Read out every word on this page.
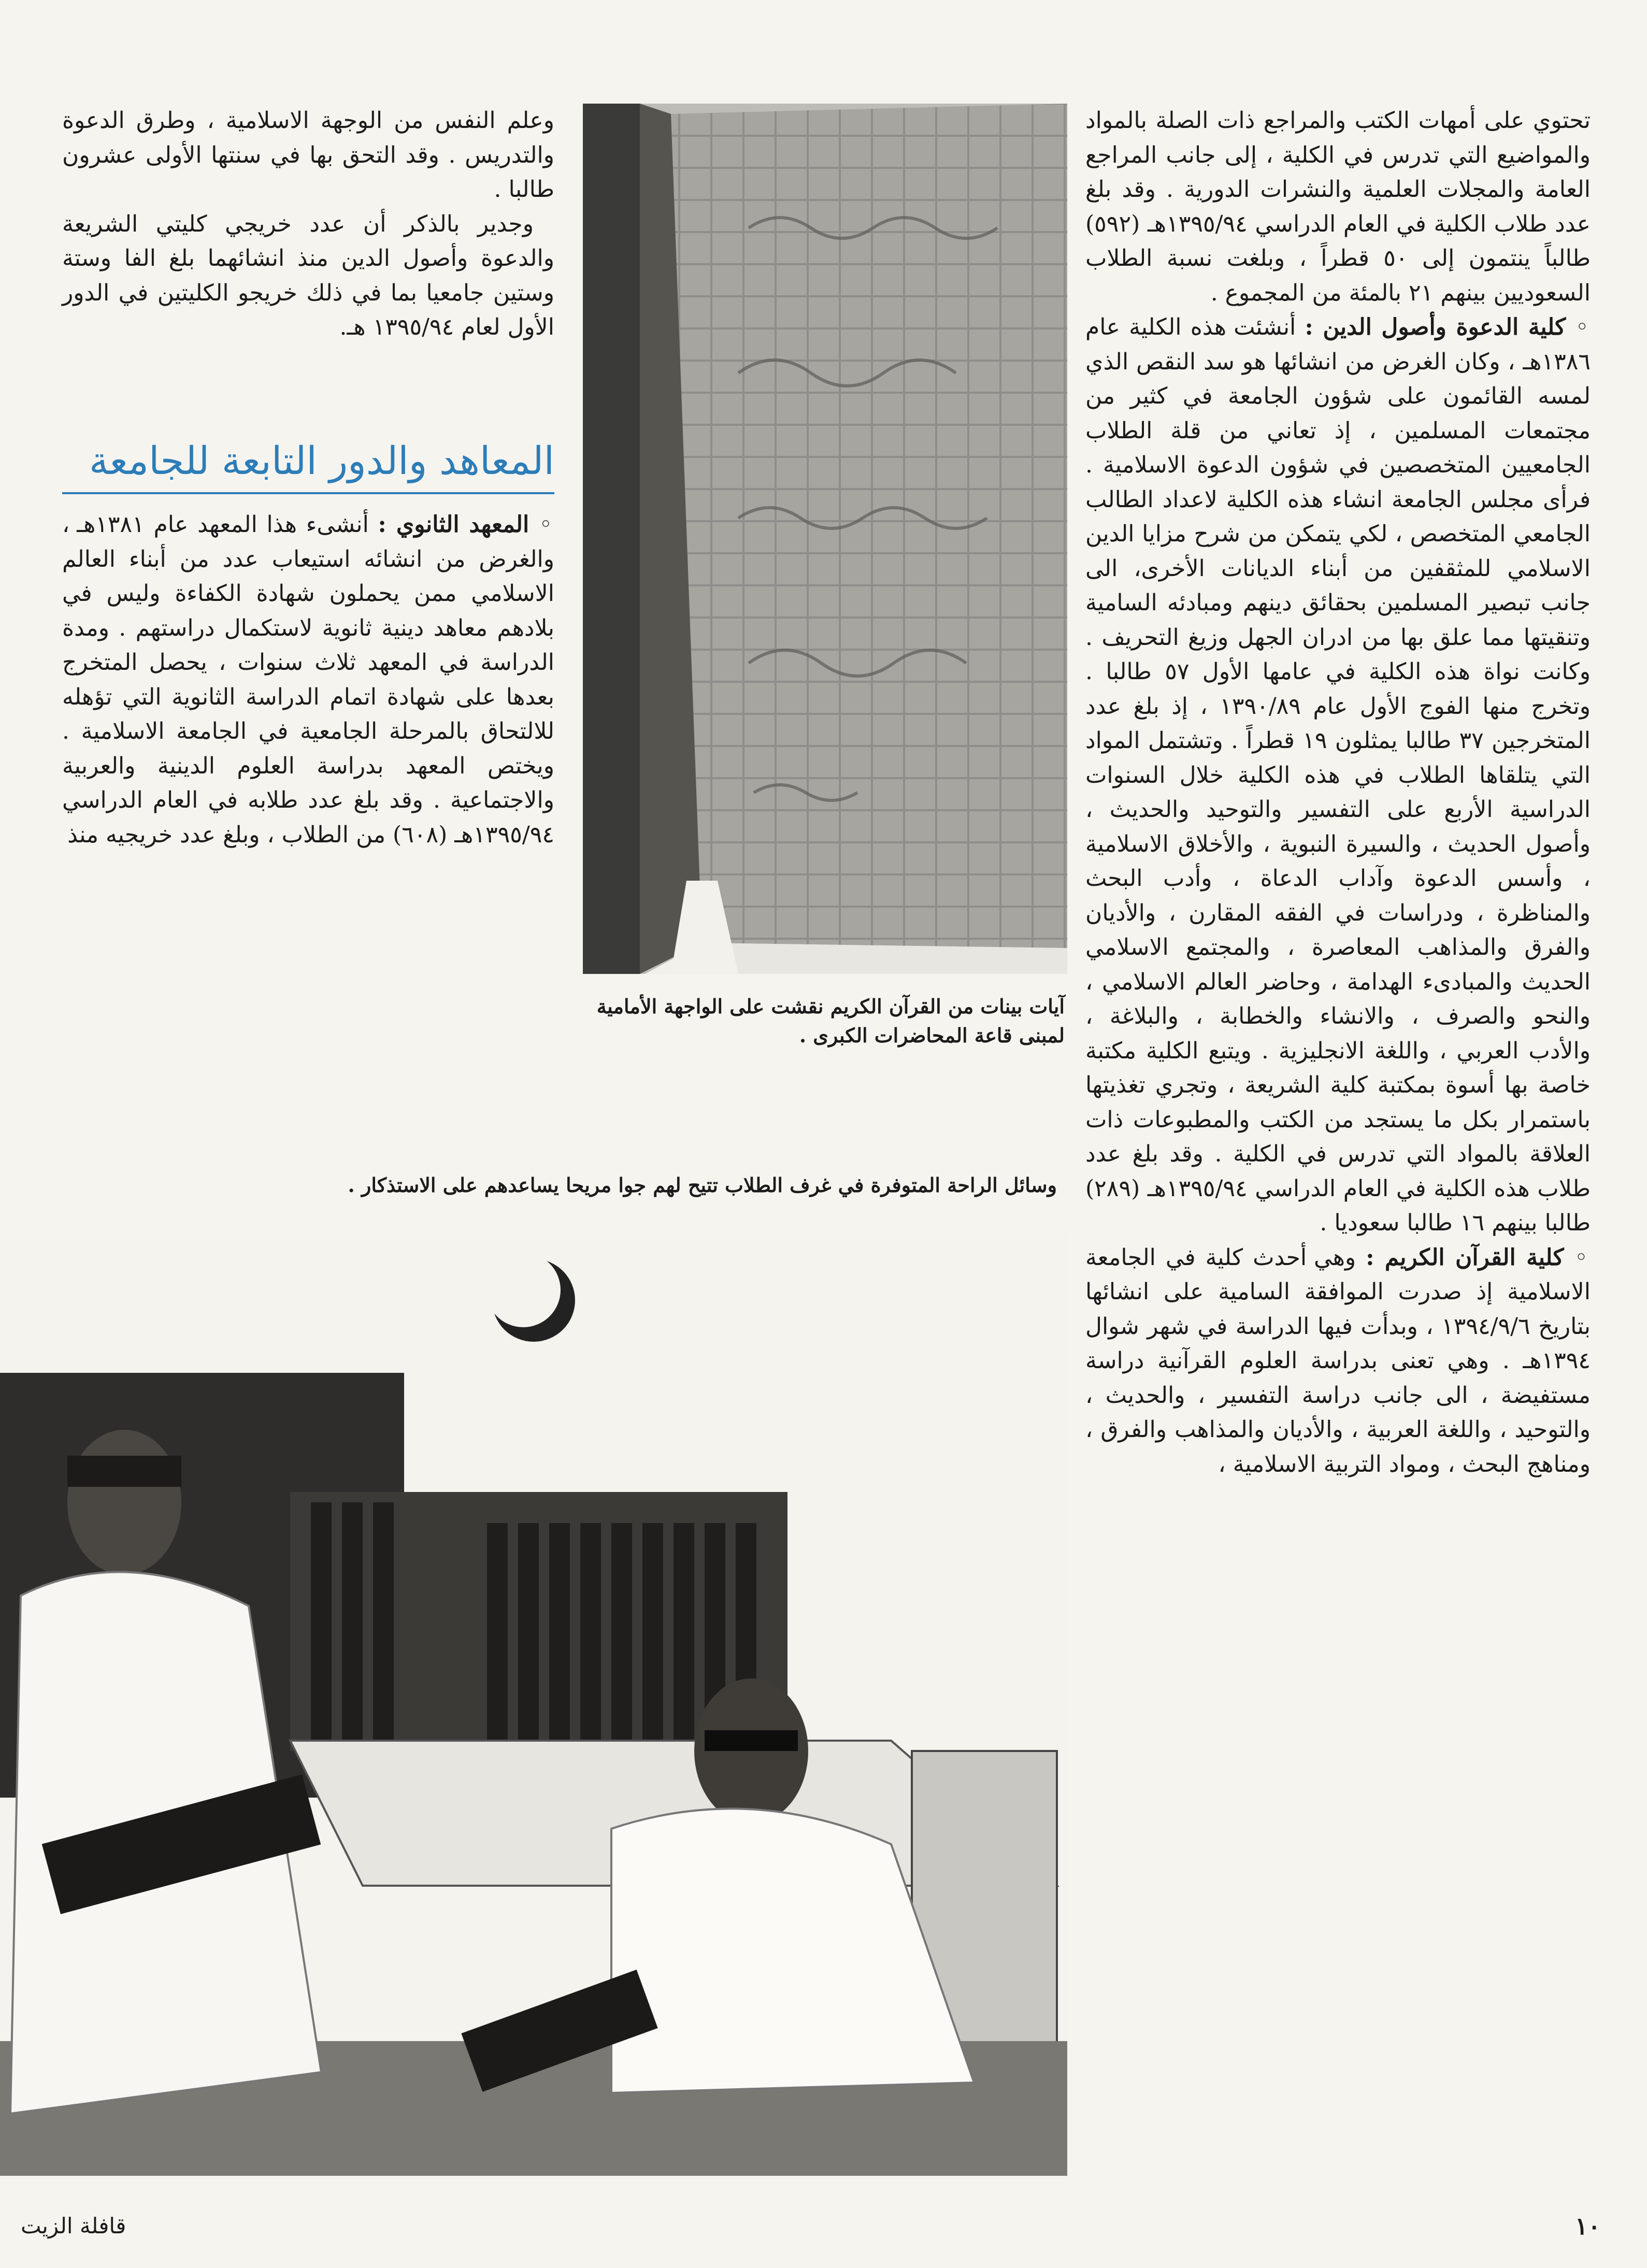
تحتوي على أمهات الكتب والمراجع ذات الصلة بالمواد والمواضيع التي تدرس في الكلية ، إلى جانب المراجع العامة والمجلات العلمية والنشرات الدورية . وقد بلغ عدد طلاب الكلية في العام الدراسي ١٣٩٥/٩٤هـ (٥٩٢) طالباً ينتمون إلى ٥٠ قطراً ، وبلغت نسبة الطلاب السعوديين بينهم ٢١ بالمئة من المجموع .

◦ كلية الدعوة وأصول الدين : أنشئت هذه الكلية عام ١٣٨٦هـ ، وكان الغرض من انشائها هو سد النقص الذي لمسه القائمون على شؤون الجامعة في كثير من مجتمعات المسلمين ، إذ تعاني من قلة الطلاب الجامعيين المتخصصين في شؤون الدعوة الاسلامية . فرأى مجلس الجامعة انشاء هذه الكلية لاعداد الطالب الجامعي المتخصص ، لكي يتمكن من شرح مزايا الدين الاسلامي للمثقفين من أبناء الديانات الأخرى، الى جانب تبصير المسلمين بحقائق دينهم ومبادئه السامية وتنقيتها مما علق بها من ادران الجهل وزيغ التحريف . وكانت نواة هذه الكلية في عامها الأول ٥٧ طالبا . وتخرج منها الفوج الأول عام ١٣٩٠/٨٩ ، إذ بلغ عدد المتخرجين ٣٧ طالبا يمثلون ١٩ قطراً . وتشتمل المواد التي يتلقاها الطلاب في هذه الكلية خلال السنوات الدراسية الأربع على التفسير والتوحيد والحديث ، وأصول الحديث ، والسيرة النبوية ، والأخلاق الاسلامية ، وأسس الدعوة وآداب الدعاة ، وأدب البحث والمناظرة ، ودراسات في الفقه المقارن ، والأديان والفرق والمذاهب المعاصرة ، والمجتمع الاسلامي الحديث والمبادىء الهدامة ، وحاضر العالم الاسلامي ، والنحو والصرف ، والانشاء والخطابة ، والبلاغة ، والأدب العربي ، واللغة الانجليزية . ويتبع الكلية مكتبة خاصة بها أسوة بمكتبة كلية الشريعة ، وتجري تغذيتها باستمرار بكل ما يستجد من الكتب والمطبوعات ذات العلاقة بالمواد التي تدرس في الكلية . وقد بلغ عدد طلاب هذه الكلية في العام الدراسي ١٣٩٥/٩٤هـ (٢٨٩) طالبا بينهم ١٦ طالبا سعوديا .

◦ كلية القرآن الكريم : وهي أحدث كلية في الجامعة الاسلامية إذ صدرت الموافقة السامية على انشائها بتاريخ ١٣٩٤/٩/٦ ، وبدأت فيها الدراسة في شهر شوال ١٣٩٤هـ . وهي تعنى بدراسة العلوم القرآنية دراسة مستفيضة ، الى جانب دراسة التفسير ، والحديث ، والتوحيد ، واللغة العربية ، والأديان والمذاهب والفرق ، ومناهج البحث ، ومواد التربية الاسلامية ،

وعلم النفس من الوجهة الاسلامية ، وطرق الدعوة والتدريس . وقد التحق بها في سنتها الأولى عشرون طالبا .

وجدير بالذكر أن عدد خريجي كليتي الشريعة والدعوة وأصول الدين منذ انشائهما بلغ الفا وستة وستين جامعيا بما في ذلك خريجو الكليتين في الدور الأول لعام ١٣٩٥/٩٤ هـ.

المعاهد والدور التابعة للجامعة

◦ المعهد الثانوي : أنشىء هذا المعهد عام ١٣٨١هـ ، والغرض من انشائه استيعاب عدد من أبناء العالم الاسلامي ممن يحملون شهادة الكفاءة وليس في بلادهم معاهد دينية ثانوية لاستكمال دراستهم . ومدة الدراسة في المعهد ثلاث سنوات ، يحصل المتخرج بعدها على شهادة اتمام الدراسة الثانوية التي تؤهله للالتحاق بالمرحلة الجامعية في الجامعة الاسلامية . ويختص المعهد بدراسة العلوم الدينية والعربية والاجتماعية . وقد بلغ عدد طلابه في العام الدراسي ١٣٩٥/٩٤هـ (٦٠٨) من الطلاب ، وبلغ عدد خريجيه منذ

آيات بينات من القرآن الكريم نقشت على الواجهة الأمامية لمبنى قاعة المحاضرات الكبرى .
وسائل الراحة المتوفرة في غرف الطلاب تتيح لهم جوا مريحا يساعدهم على الاستذكار .
١٠
قافلة الزيت
